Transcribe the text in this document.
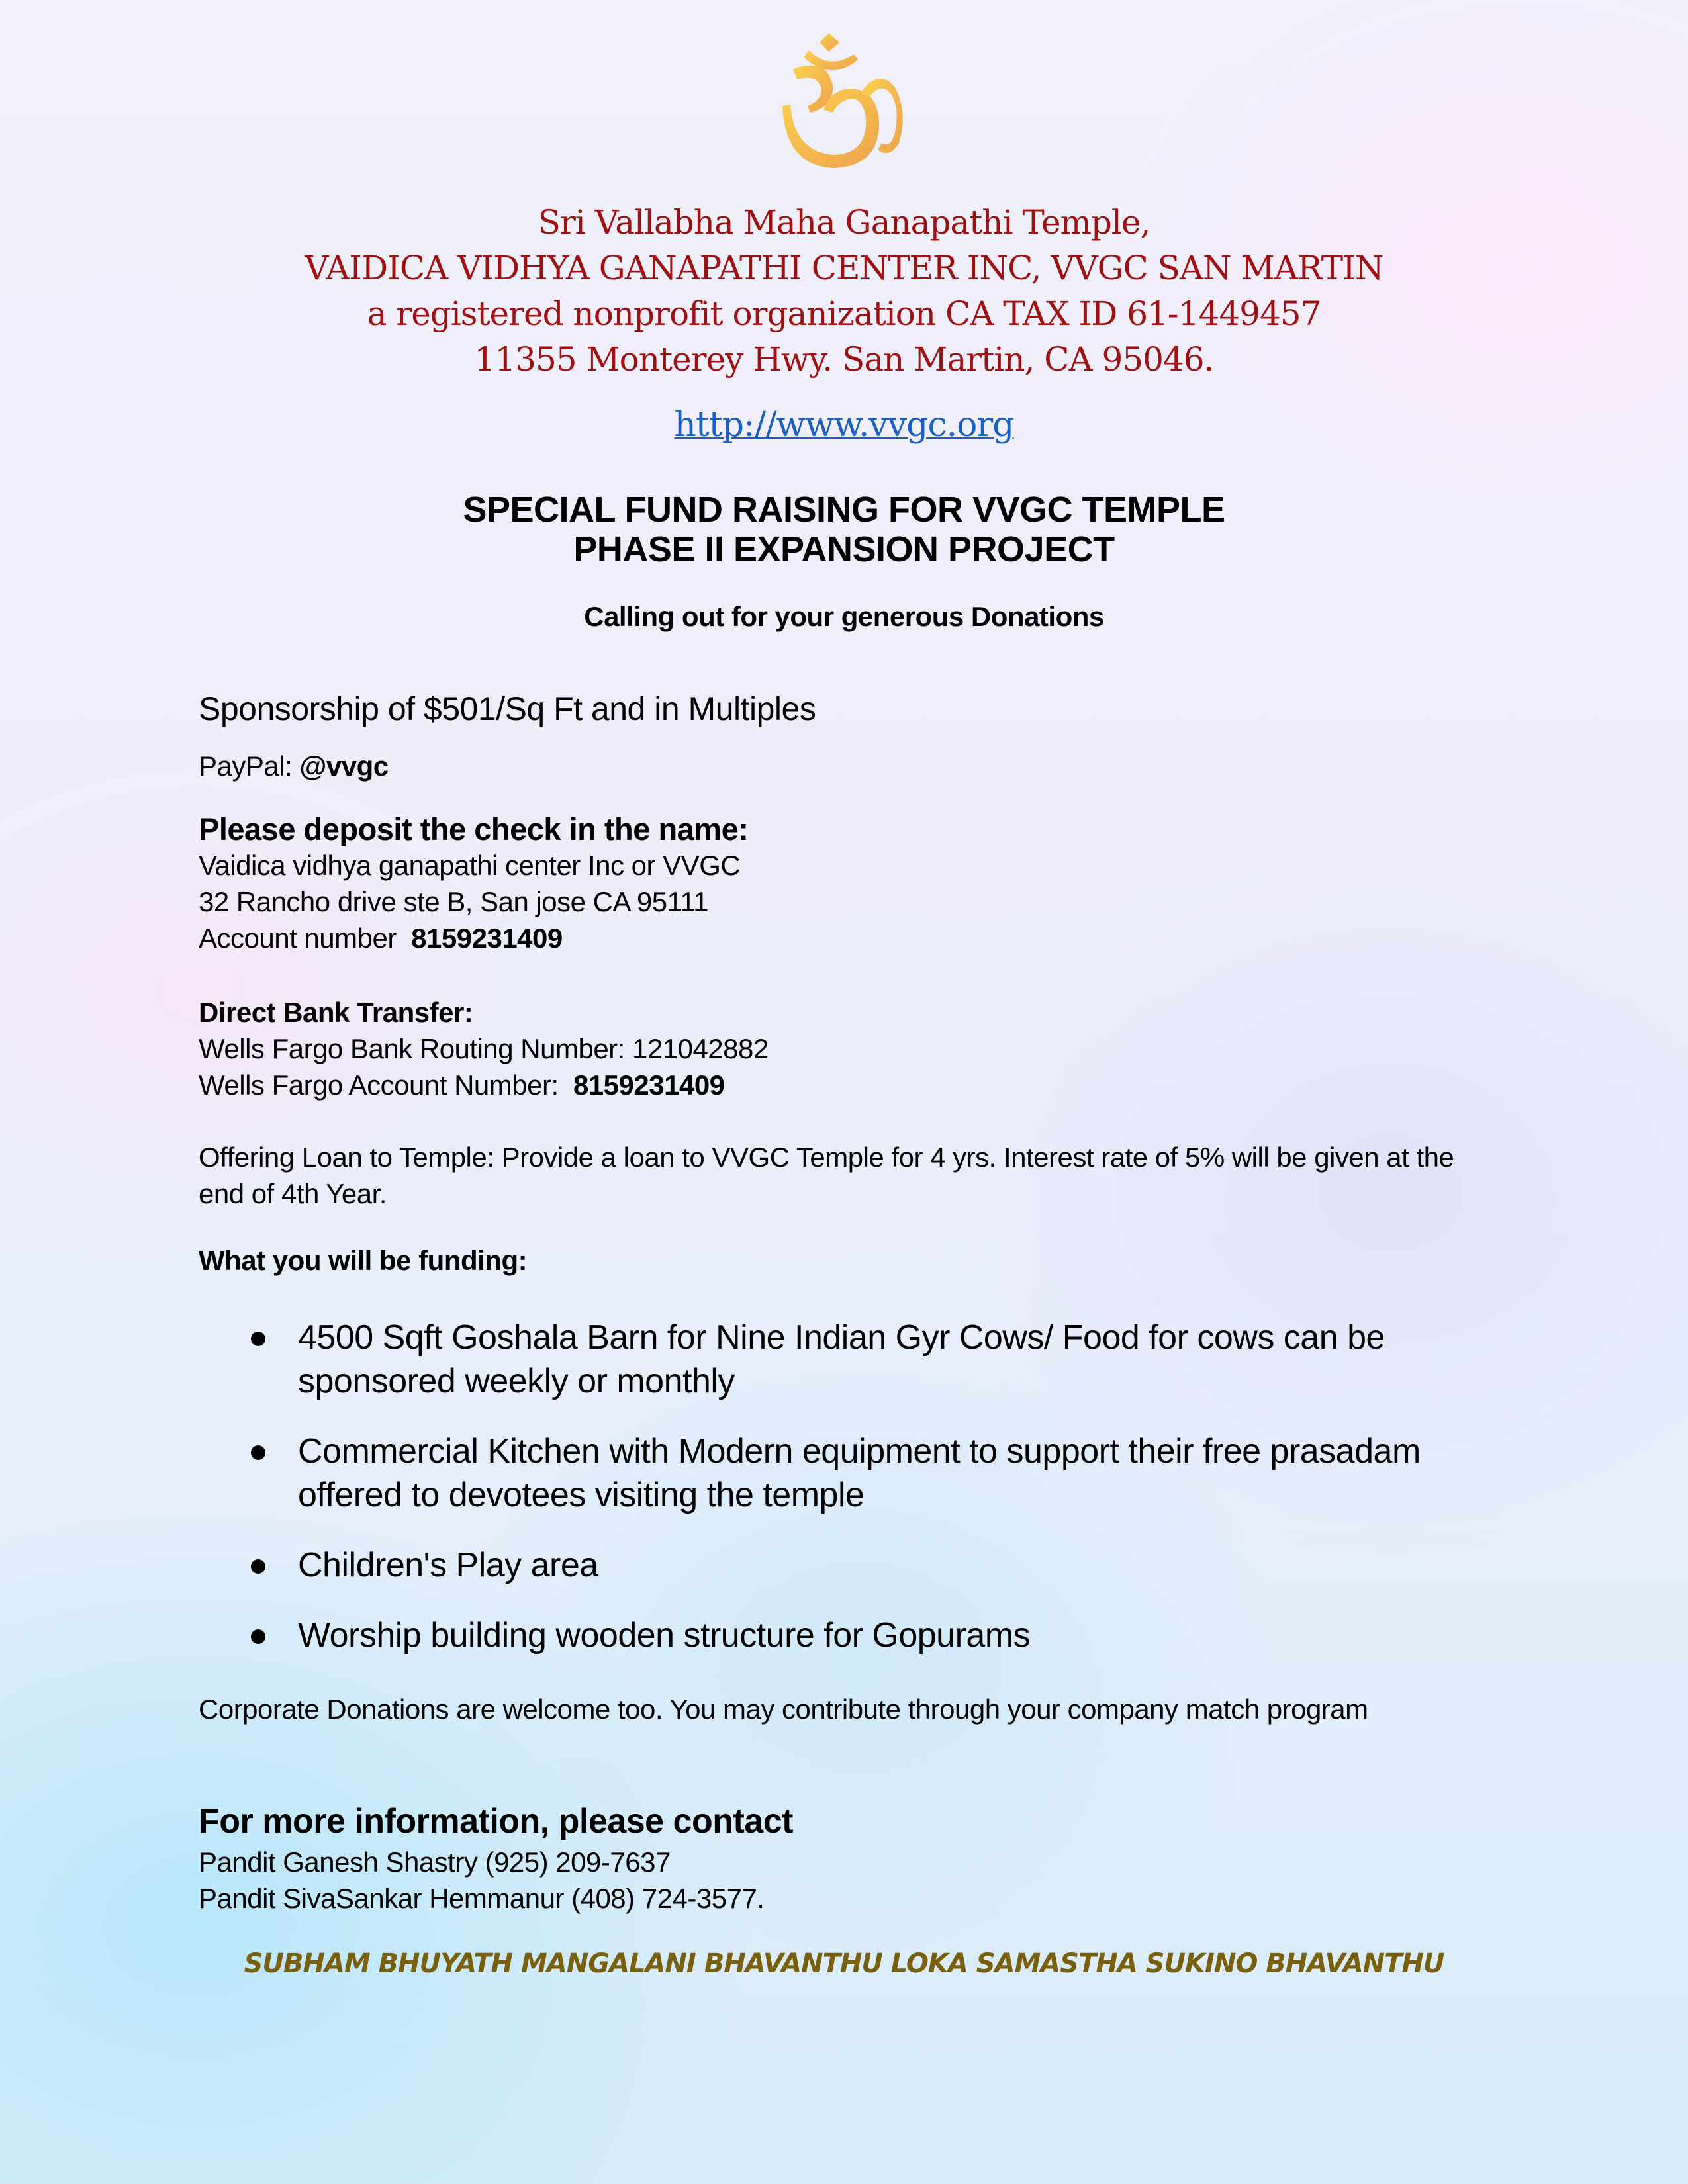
Sri Vallabha Maha Ganapathi Temple,
VAIDICA VIDHYA GANAPATHI CENTER INC, VVGC SAN MARTIN
a registered nonprofit organization CA TAX ID 61-1449457
11355 Monterey Hwy. San Martin, CA 95046.
http://www.vvgc.org
SPECIAL FUND RAISING FOR VVGC TEMPLE
PHASE II EXPANSION PROJECT
Calling out for your generous Donations
Sponsorship of $501/Sq Ft and in Multiples
PayPal: @vvgc
Please deposit the check in the name:
Vaidica vidhya ganapathi center Inc or VVGC
32 Rancho drive ste B, San jose CA 95111
Account number  8159231409
Direct Bank Transfer:
Wells Fargo Bank Routing Number: 121042882
Wells Fargo Account Number:  8159231409
Offering Loan to Temple: Provide a loan to VVGC Temple for 4 yrs. Interest rate of 5% will be given at the end of 4th Year.
What you will be funding:
4500 Sqft Goshala Barn for Nine Indian Gyr Cows/ Food for cows can be sponsored weekly or monthly
Commercial Kitchen with Modern equipment to support their free prasadam offered to devotees visiting the temple
Children's Play area
Worship building wooden structure for Gopurams
Corporate Donations are welcome too. You may contribute through your company match program
For more information, please contact
Pandit Ganesh Shastry (925) 209-7637
Pandit SivaSankar Hemmanur (408) 724-3577.
SUBHAM BHUYATH MANGALANI BHAVANTHU LOKA SAMASTHA SUKINO BHAVANTHU
